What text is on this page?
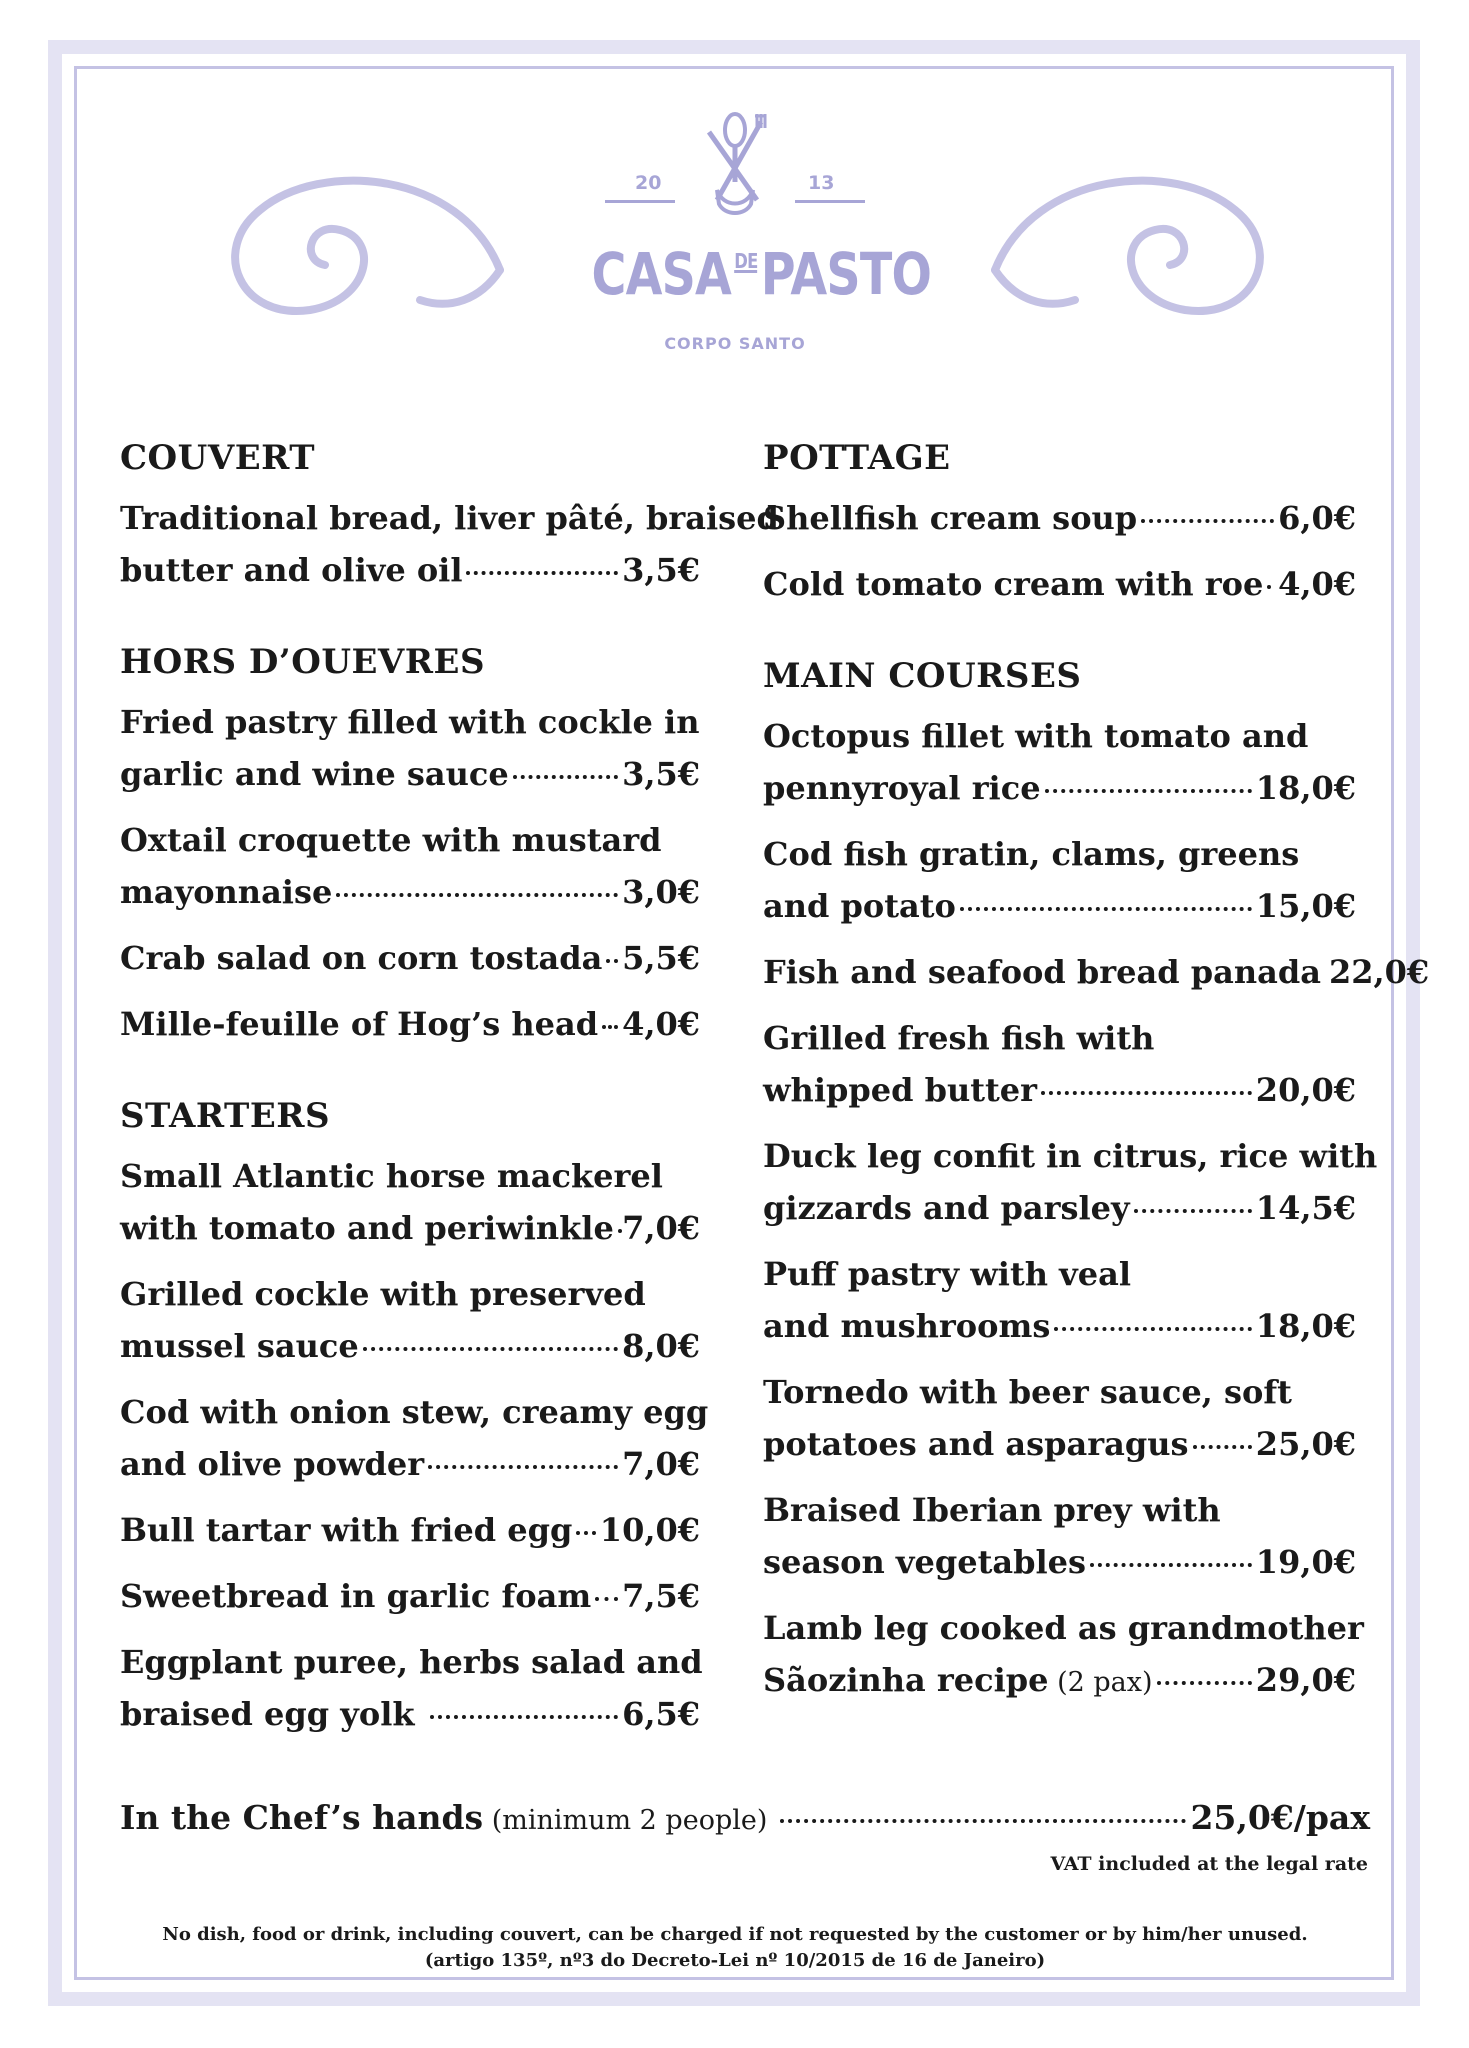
20	13
CASA DEPASTO
CORPO SANTO
COUVERT
Traditional bread, liver pâté, braised
butter and olive oil	3,5€
HORS D’OUEVRES
Fried pastry filled with cockle in
garlic and wine sauce	3,5€
Oxtail croquette with mustard
mayonnaise	3,0€
Crab salad on corn tostada 5,5€
Mille-feuille of Hog’s head 4,0€
STARTERS
Small Atlantic horse mackerel
with tomato and periwinkle 7,0€
Grilled cockle with preserved
mussel sauce	8,0€
Cod with onion stew, creamy egg
and olive powder	7,0€
Bull tartar with fried egg 10,0€
Sweetbread in garlic foam 7,5€
Eggplant puree, herbs salad and
braised egg yolk	6,5€
POTTAGE
Shellfish cream soup	6,0€
Cold tomato cream with roe 4,0€
MAIN COURSES
Octopus fillet with tomato and
pennyroyal rice	18,0€
Cod fish gratin, clams, greens
and potato	15,0€
Fish and seafood bread panada 22,0€
Grilled fresh fish with
whipped butter	20,0€
Duck leg confit in citrus, rice with
gizzards and parsley	14,5€
Puff pastry with veal
and mushrooms	18,0€
Tornedo with beer sauce, soft
potatoes and asparagus 25,0€
Braised Iberian prey with
season vegetables	19,0€
Lamb leg cooked as grandmother
Sãozinha recipe (2 pax)	29,0€
In the Chef’s hands (minimum 2 people)	25,0€/pax
VAT included at the legal rate
No dish, food or drink, including couvert, can be charged if not requested by the customer or by him/her unused.
(artigo 135º, nº3 do Decreto-Lei nº 10/2015 de 16 de Janeiro)
